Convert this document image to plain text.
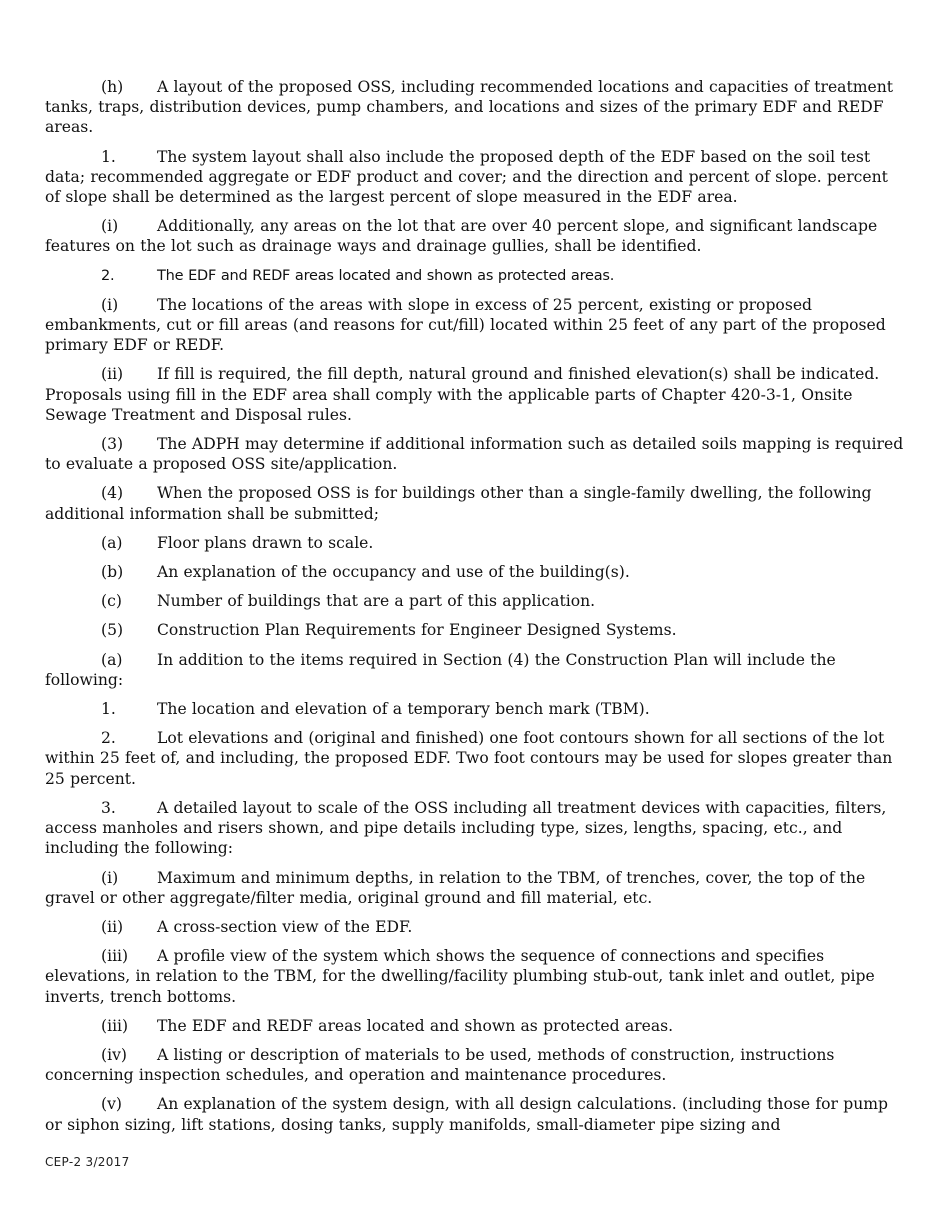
(h) A layout of the proposed OSS, including recommended locations and capacities of treatment tanks, traps, distribution devices, pump chambers, and locations and sizes of the primary EDF and REDF areas.

1.	The system layout shall also include the proposed depth of the EDF based on the soil test data; recommended aggregate or EDF product and cover; and the direction and percent of slope. percent of slope shall be determined as the largest percent of slope measured in the EDF area.

(i) Additionally, any areas on the lot that are over 40 percent slope, and significant landscape features on the lot such as drainage ways and drainage gullies, shall be identified.

2.	The EDF and REDF areas located and shown as protected areas.

(i) The locations of the areas with slope in excess of 25 percent, existing or proposed embankments, cut or fill areas (and reasons for cut/fill) located within 25 feet of any part of the proposed primary EDF or REDF.

(ii) If fill is required, the fill depth, natural ground and finished elevation(s) shall be indicated. Proposals using fill in the EDF area shall comply with the applicable parts of Chapter 420-3-1, Onsite Sewage Treatment and Disposal rules.

(3) The ADPH may determine if additional information such as detailed soils mapping is required to evaluate a proposed OSS site/application.

(4) When the proposed OSS is for buildings other than a single-family dwelling, the following additional information shall be submitted;

(a) Floor plans drawn to scale.

(b) An explanation of the occupancy and use of the building(s).

(c) Number of buildings that are a part of this application.

(5) Construction Plan Requirements for Engineer Designed Systems.

(a) In addition to the items required in Section (4) the Construction Plan will include the following:

1.	The location and elevation of a temporary bench mark (TBM).

2.	Lot elevations and (original and finished) one foot contours shown for all sections of the lot within 25 feet of, and including, the proposed EDF. Two foot contours may be used for slopes greater than 25 percent.

3.	A detailed layout to scale of the OSS including all treatment devices with capacities, filters, access manholes and risers shown, and pipe details including type, sizes, lengths, spacing, etc., and including the following:

(i) Maximum and minimum depths, in relation to the TBM, of trenches, cover, the top of the gravel or other aggregate/filter media, original ground and fill material, etc.

(ii) A cross-section view of the EDF.

(iii) A profile view of the system which shows the sequence of connections and specifies elevations, in relation to the TBM, for the dwelling/facility plumbing stub-out, tank inlet and outlet, pipe inverts, trench bottoms.

(iii) The EDF and REDF areas located and shown as protected areas.

(iv) A listing or description of materials to be used, methods of construction, instructions concerning inspection schedules, and operation and maintenance procedures.

(v) An explanation of the system design, with all design calculations. (including those for pump or siphon sizing, lift stations, dosing tanks, supply manifolds, small-diameter pipe sizing and

CEP-2 3/2017
